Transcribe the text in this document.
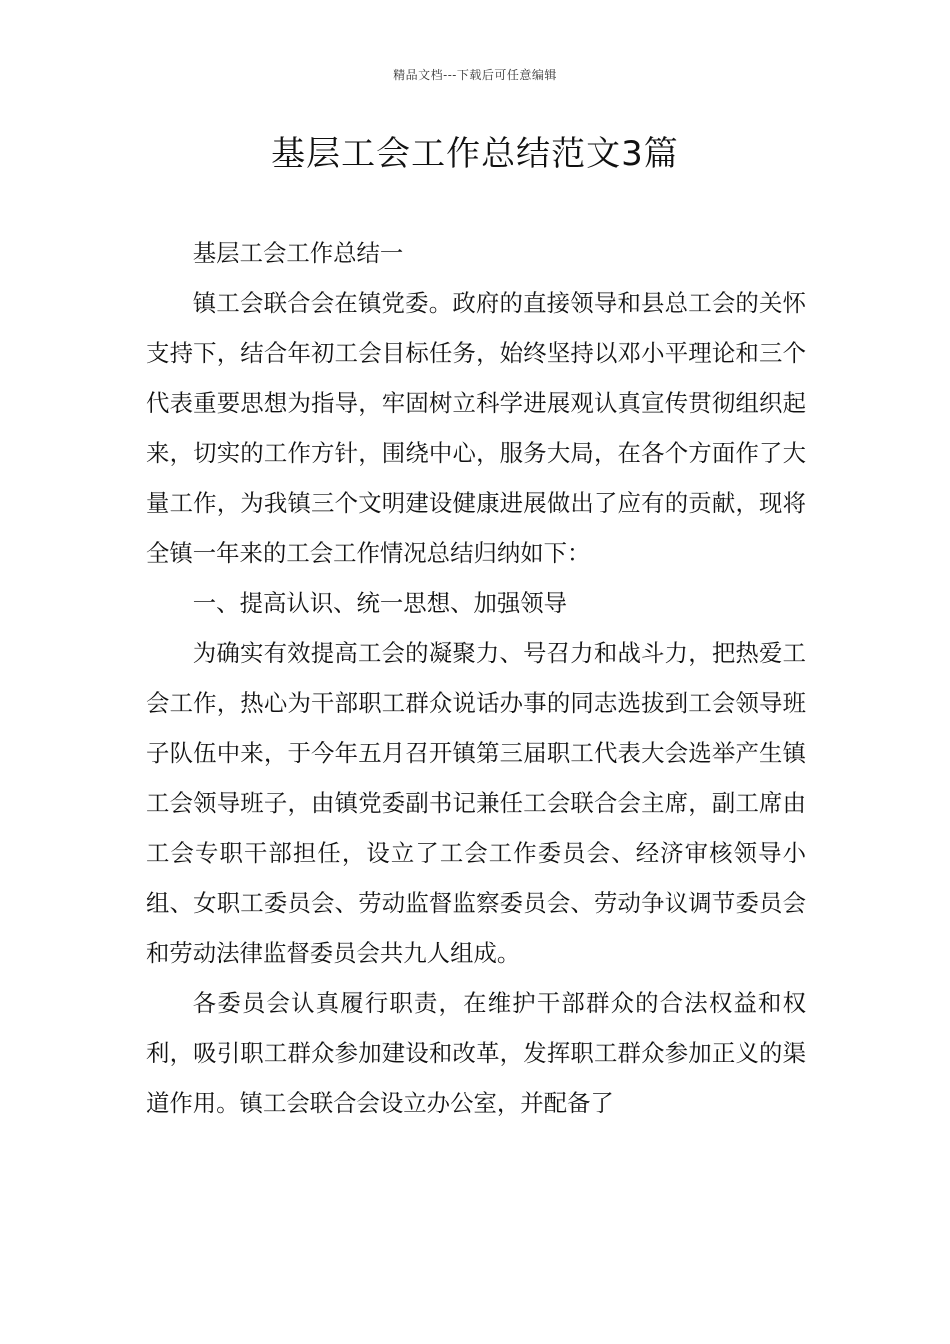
精品文档---下载后可任意编辑
基层工会工作总结范文3篇

基层工会工作总结一

镇工会联合会在镇党委。政府的直接领导和县总工会的关怀支持下，结合年初工会目标任务，始终坚持以邓小平理论和三个代表重要思想为指导，牢固树立科学进展观认真宣传贯彻组织起来，切实的工作方针，围绕中心，服务大局，在各个方面作了大量工作，为我镇三个文明建设健康进展做出了应有的贡献，现将全镇一年来的工会工作情况总结归纳如下：

一、提高认识、统一思想、加强领导

为确实有效提高工会的凝聚力、号召力和战斗力，把热爱工会工作，热心为干部职工群众说话办事的同志选拔到工会领导班子队伍中来，于今年五月召开镇第三届职工代表大会选举产生镇工会领导班子，由镇党委副书记兼任工会联合会主席，副工席由工会专职干部担任，设立了工会工作委员会、经济审核领导小组、女职工委员会、劳动监督监察委员会、劳动争议调节委员会和劳动法律监督委员会共九人组成。

各委员会认真履行职责，在维护干部群众的合法权益和权利，吸引职工群众参加建设和改革，发挥职工群众参加正义的渠道作用。镇工会联合会设立办公室，并配备了
